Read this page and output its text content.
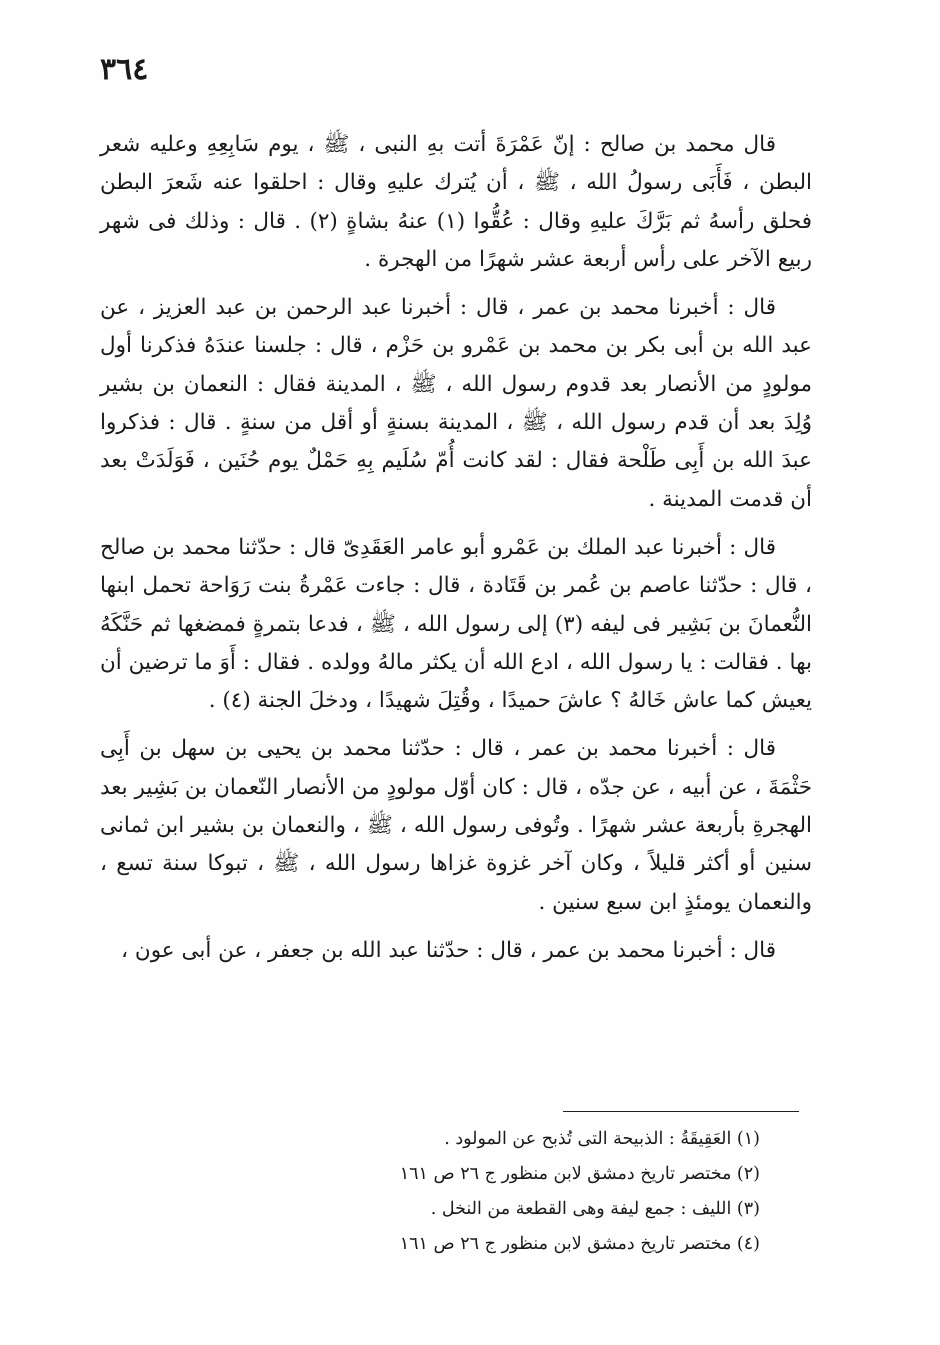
٣٦٤

قال محمد بن صالح : إنّ عَمْرَةَ أتت بهِ النبى ، ﷺ ، يوم سَابِعِهِ وعليه شعر البطن ، فَأَبَى رسولُ الله ، ﷺ ، أن يُترك عليهِ وقال : احلقوا عنه شَعرَ البطن فحلق رأسهُ ثم بَرَّكَ عليهِ وقال : عُقُّوا (١) عنهُ بشاةٍ (٢) . قال : وذلك فى شهر ربيع الآخر على رأس أربعة عشر شهرًا من الهجرة .

قال : أخبرنا محمد بن عمر ، قال : أخبرنا عبد الرحمن بن عبد العزيز ، عن عبد الله بن أبى بكر بن محمد بن عَمْرو بن حَزْم ، قال : جلسنا عندَهُ فذكرنا أول مولودٍ من الأنصار بعد قدوم رسول الله ، ﷺ ، المدينة فقال : النعمان بن بشير وُلِدَ بعد أن قدم رسول الله ، ﷺ ، المدينة بسنةٍ أو أقل من سنةٍ . قال : فذكروا عبدَ الله بن أَبِى طَلْحة فقال : لقد كانت أُمّ سُلَيم بِهِ حَمْلٌ يوم حُنَين ، فَوَلَدَتْ بعد أن قدمت المدينة .

قال : أخبرنا عبد الملك بن عَمْرو أبو عامر العَقَدِىّ قال : حدّثنا محمد بن صالح ، قال : حدّثنا عاصم بن عُمر بن قَتَادة ، قال : جاءت عَمْرةُ بنت رَوَاحة تحمل ابنها النُّعمانَ بن بَشِير فى ليفه (٣) إلى رسول الله ، ﷺ ، فدعا بتمرةٍ فمضغها ثم حَنَّكَهُ بها . فقالت : يا رسول الله ، ادع الله أن يكثر مالهُ وولده . فقال : أَوَ ما ترضين أن يعيش كما عاش خَالهُ ؟ عاشَ حميدًا ، وقُتِلَ شهيدًا ، ودخلَ الجنة (٤) .

قال : أخبرنا محمد بن عمر ، قال : حدّثنا محمد بن يحيى بن سهل بن أَبِى حَثْمَةَ ، عن أبيه ، عن جدّه ، قال : كان أوّل مولودٍ من الأنصار النّعمان بن بَشِير بعد الهجرةِ بأربعة عشر شهرًا . وتُوفى رسول الله ، ﷺ ، والنعمان بن بشير ابن ثمانى سنين أو أكثر قليلاً ، وكان آخر غزوة غزاها رسول الله ، ﷺ ، تبوكا سنة تسع ، والنعمان يومئذٍ ابن سبع سنين .

قال : أخبرنا محمد بن عمر ، قال : حدّثنا عبد الله بن جعفر ، عن أبى عون ،

(١) العَقِيقَةُ : الذبيحة التى تُذبح عن المولود .

(٢) مختصر تاريخ دمشق لابن منظور ج ٢٦ ص ١٦١

(٣) الليف : جمع ليفة وهى القطعة من النخل .

(٤) مختصر تاريخ دمشق لابن منظور ج ٢٦ ص ١٦١
